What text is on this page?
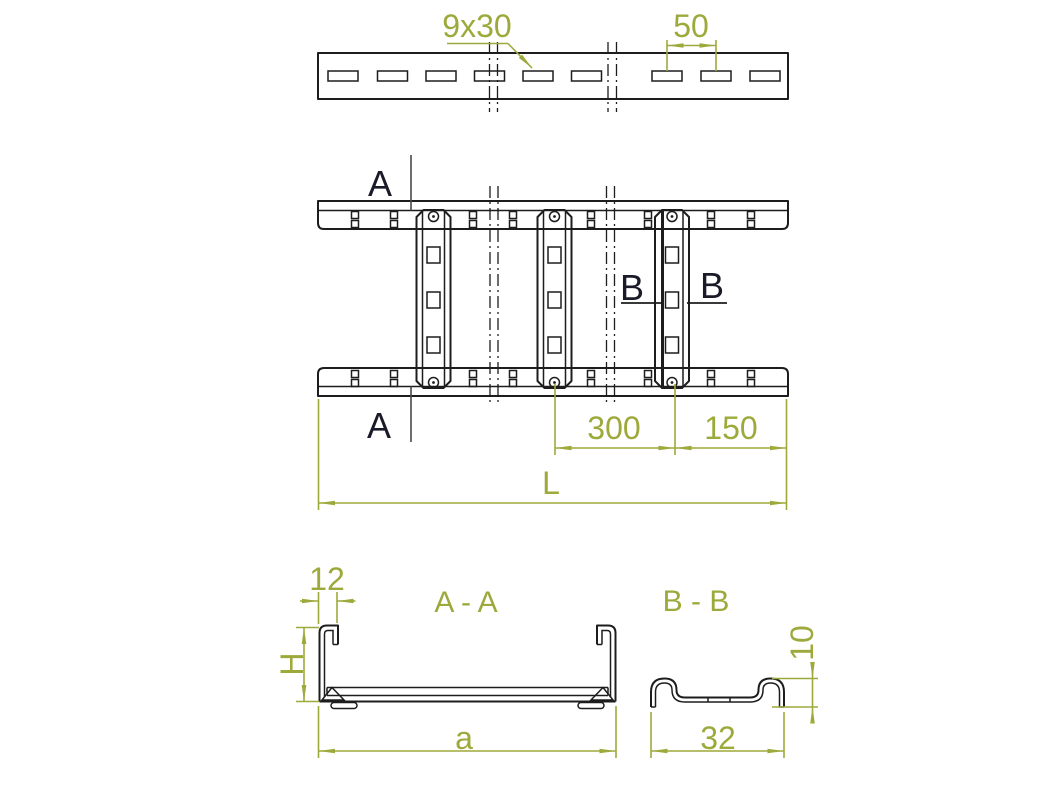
9x30	50
A
A
B B
300 150
L
A - A
12
H
a
B - B
10
32
